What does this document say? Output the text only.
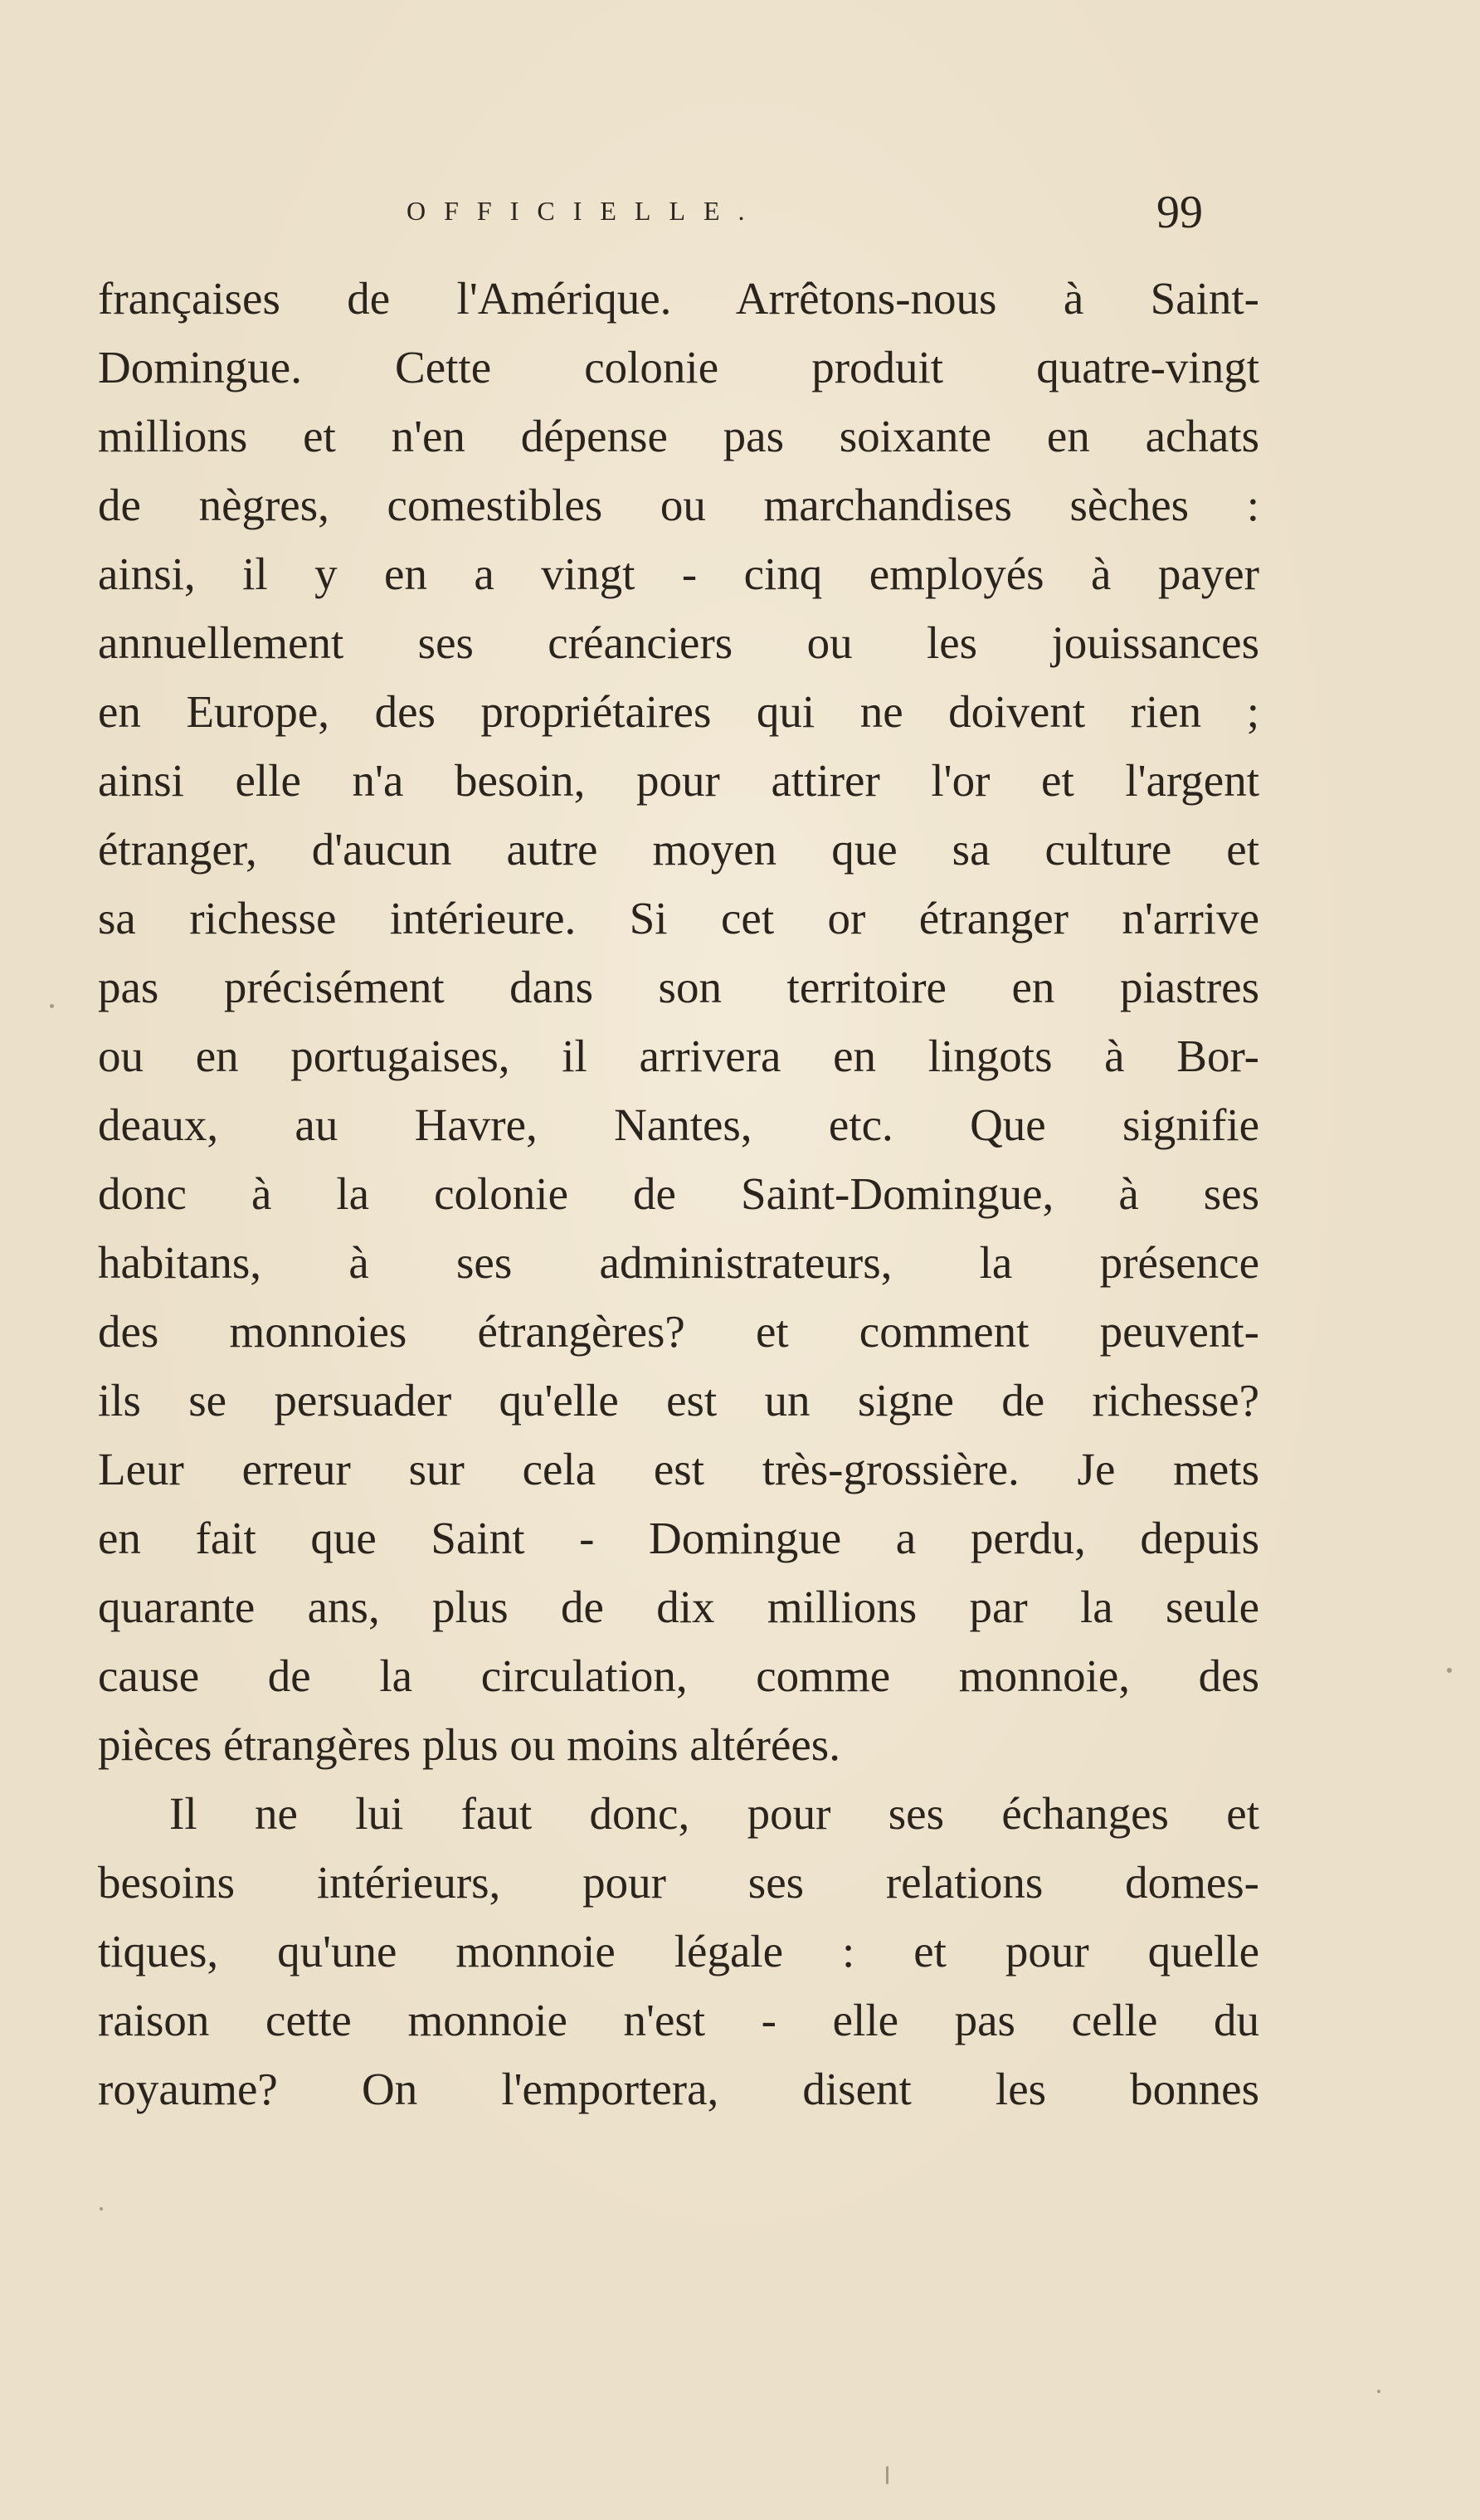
OFFICIELLE.	99
françaises de l'Amérique. Arrêtons-nous à Saint-
Domingue. Cette colonie produit quatre-vingt
millions et n'en dépense pas soixante en achats
de nègres, comestibles ou marchandises sèches :
ainsi, il y en a vingt - cinq employés à payer
annuellement ses créanciers ou les jouissances
en Europe, des propriétaires qui ne doivent rien ;
ainsi elle n'a besoin, pour attirer l'or et l'argent
étranger, d'aucun autre moyen que sa culture et
sa richesse intérieure. Si cet or étranger n'arrive
pas précisément dans son territoire en piastres
ou en portugaises, il arrivera en lingots à Bor-
deaux, au Havre, Nantes, etc. Que signifie
donc à la colonie de Saint-Domingue, à ses
habitans, à ses administrateurs, la présence
des monnoies étrangères? et comment peuvent-
ils se persuader qu'elle est un signe de richesse?
Leur erreur sur cela est très-grossière. Je mets
en fait que Saint - Domingue a perdu, depuis
quarante ans, plus de dix millions par la seule
cause de la circulation, comme monnoie, des
pièces étrangères plus ou moins altérées.
Il ne lui faut donc, pour ses échanges et
besoins intérieurs, pour ses relations domes-
tiques, qu'une monnoie légale : et pour quelle
raison cette monnoie n'est - elle pas celle du
royaume? On l'emportera, disent les bonnes
